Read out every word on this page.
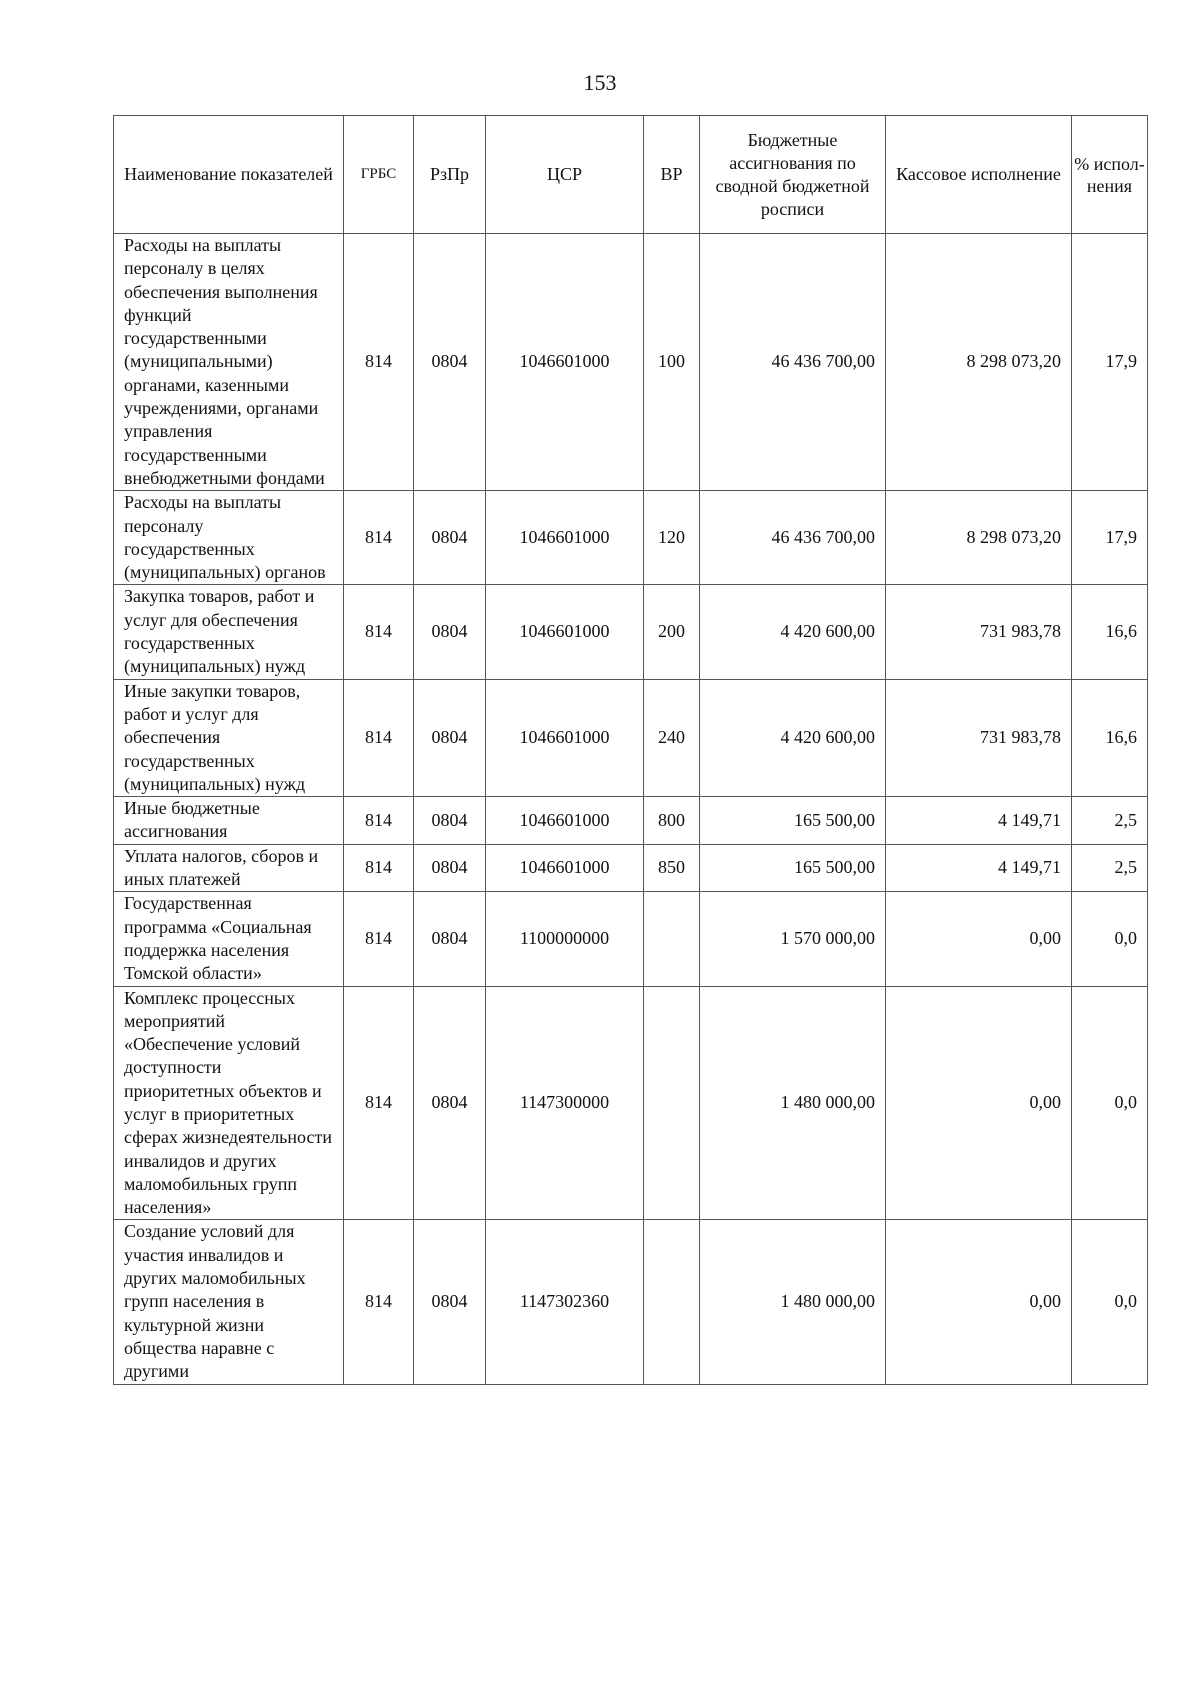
153
Наименование показателей	ГРБС	РзПр	ЦСР	ВР	Бюджетные ассигнования по сводной бюджетной росписи	Кассовое исполнение	% испол- нения
Расходы на выплаты персоналу в целях обеспечения выполнения функций государственными (муниципальными) органами, казенными учреждениями, органами управления государственными внебюджетными фондами	814	0804	1046601000	100	46 436 700,00	8 298 073,20	17,9
Расходы на выплаты персоналу государственных (муниципальных) органов	814	0804	1046601000	120	46 436 700,00	8 298 073,20	17,9
Закупка товаров, работ и услуг для обеспечения государственных (муниципальных) нужд	814	0804	1046601000	200	4 420 600,00	731 983,78	16,6
Иные закупки товаров, работ и услуг для обеспечения государственных (муниципальных) нужд	814	0804	1046601000	240	4 420 600,00	731 983,78	16,6
Иные бюджетные ассигнования	814	0804	1046601000	800	165 500,00	4 149,71	2,5
Уплата налогов, сборов и иных платежей	814	0804	1046601000	850	165 500,00	4 149,71	2,5
Государственная программа «Социальная поддержка населения Томской области»	814	0804	1100000000		1 570 000,00	0,00	0,0
Комплекс процессных мероприятий «Обеспечение условий доступности приоритетных объектов и услуг в приоритетных сферах жизнедеятельности инвалидов и других маломобильных групп населения»	814	0804	1147300000		1 480 000,00	0,00	0,0
Создание условий для участия инвалидов и других маломобильных групп населения в культурной жизни общества наравне с другими	814	0804	1147302360		1 480 000,00	0,00	0,0
